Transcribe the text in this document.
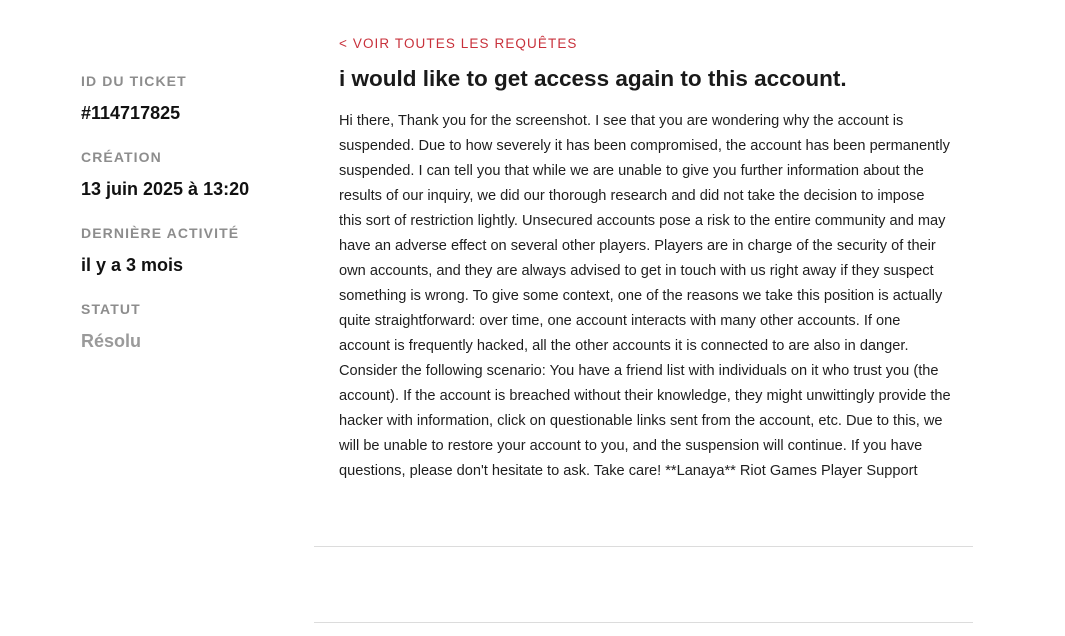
ID DU TICKET

#114717825

CRÉATION

13 juin 2025 à 13:20

DERNIÈRE ACTIVITÉ

il y a 3 mois

STATUT

Résolu

< VOIR TOUTES LES REQUÊTES
i would like to get access again to this account.

Hi there, Thank you for the screenshot. I see that you are wondering why the account is suspended. Due to how severely it has been compromised, the account has been permanently suspended. I can tell you that while we are unable to give you further information about the results of our inquiry, we did our thorough research and did not take the decision to impose this sort of restriction lightly. Unsecured accounts pose a risk to the entire community and may have an adverse effect on several other players. Players are in charge of the security of their own accounts, and they are always advised to get in touch with us right away if they suspect something is wrong. To give some context, one of the reasons we take this position is actually quite straightforward: over time, one account interacts with many other accounts. If one account is frequently hacked, all the other accounts it is connected to are also in danger. Consider the following scenario: You have a friend list with individuals on it who trust you (the account). If the account is breached without their knowledge, they might unwittingly provide the hacker with information, click on questionable links sent from the account, etc. Due to this, we will be unable to restore your account to you, and the suspension will continue. If you have questions, please don't hesitate to ask. Take care! **Lanaya** Riot Games Player Support
